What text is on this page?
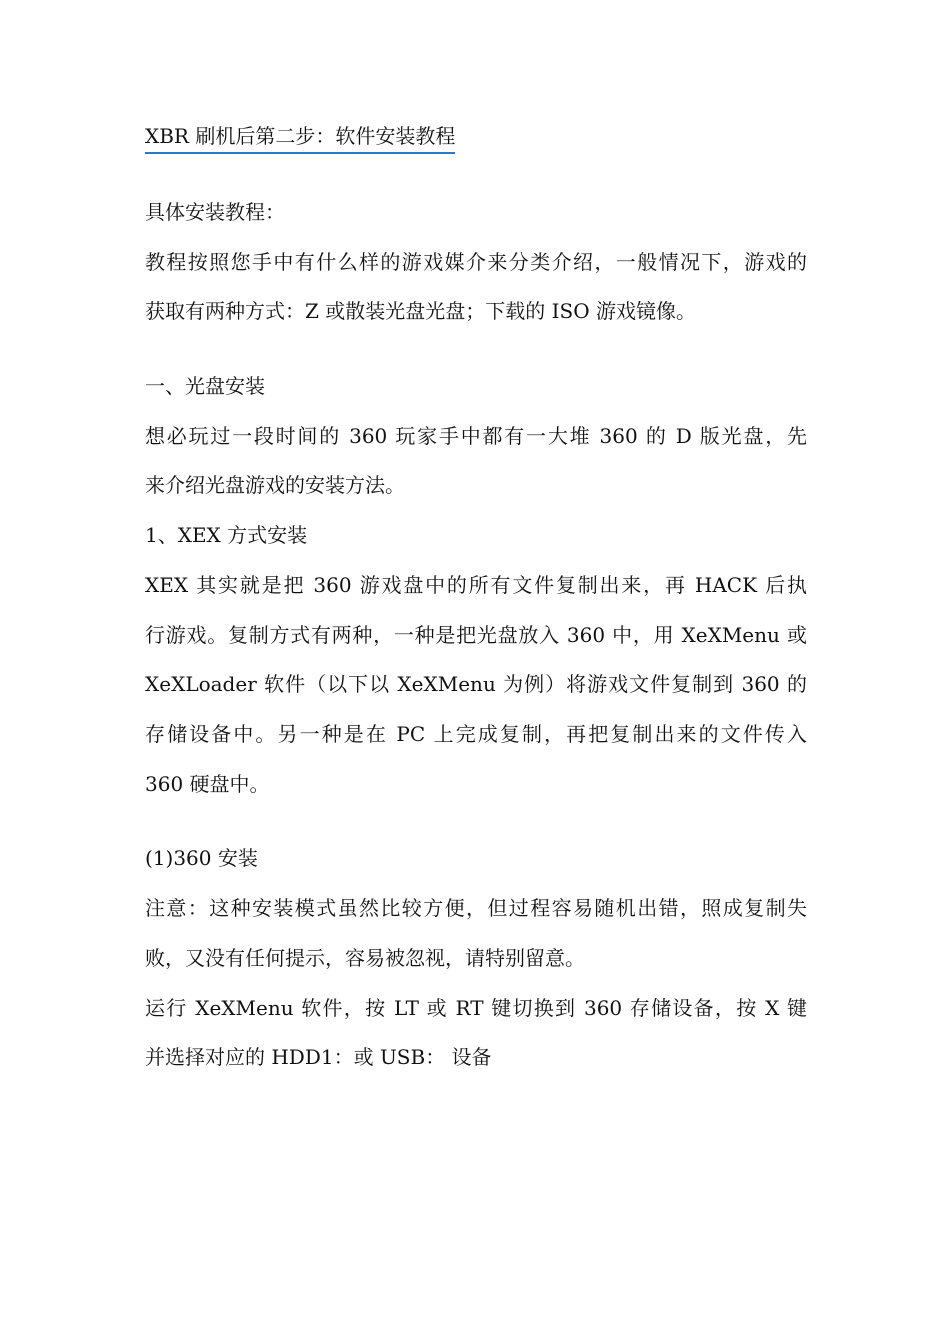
XBR 刷机后第二步：软件安装教程
具体安装教程：
教程按照您手中有什么样的游戏媒介来分类介绍，一般情况下，游戏的
获取有两种方式：Z 或散装光盘光盘；下载的 ISO 游戏镜像。
一、光盘安装
想必玩过一段时间的 360 玩家手中都有一大堆 360 的 D 版光盘，先
来介绍光盘游戏的安装方法。
1、XEX 方式安装
XEX 其实就是把 360 游戏盘中的所有文件复制出来，再 HACK 后执
行游戏。复制方式有两种，一种是把光盘放入 360 中，用 XeXMenu 或
XeXLoader 软件（以下以 XeXMenu 为例）将游戏文件复制到 360 的
存储设备中。另一种是在 PC 上完成复制，再把复制出来的文件传入
360 硬盘中。
(1)360 安装
注意：这种安装模式虽然比较方便，但过程容易随机出错，照成复制失
败，又没有任何提示，容易被忽视，请特别留意。
运行 XeXMenu 软件，按 LT 或 RT 键切换到 360 存储设备，按 X 键
并选择对应的 HDD1：或 USB： 设备
